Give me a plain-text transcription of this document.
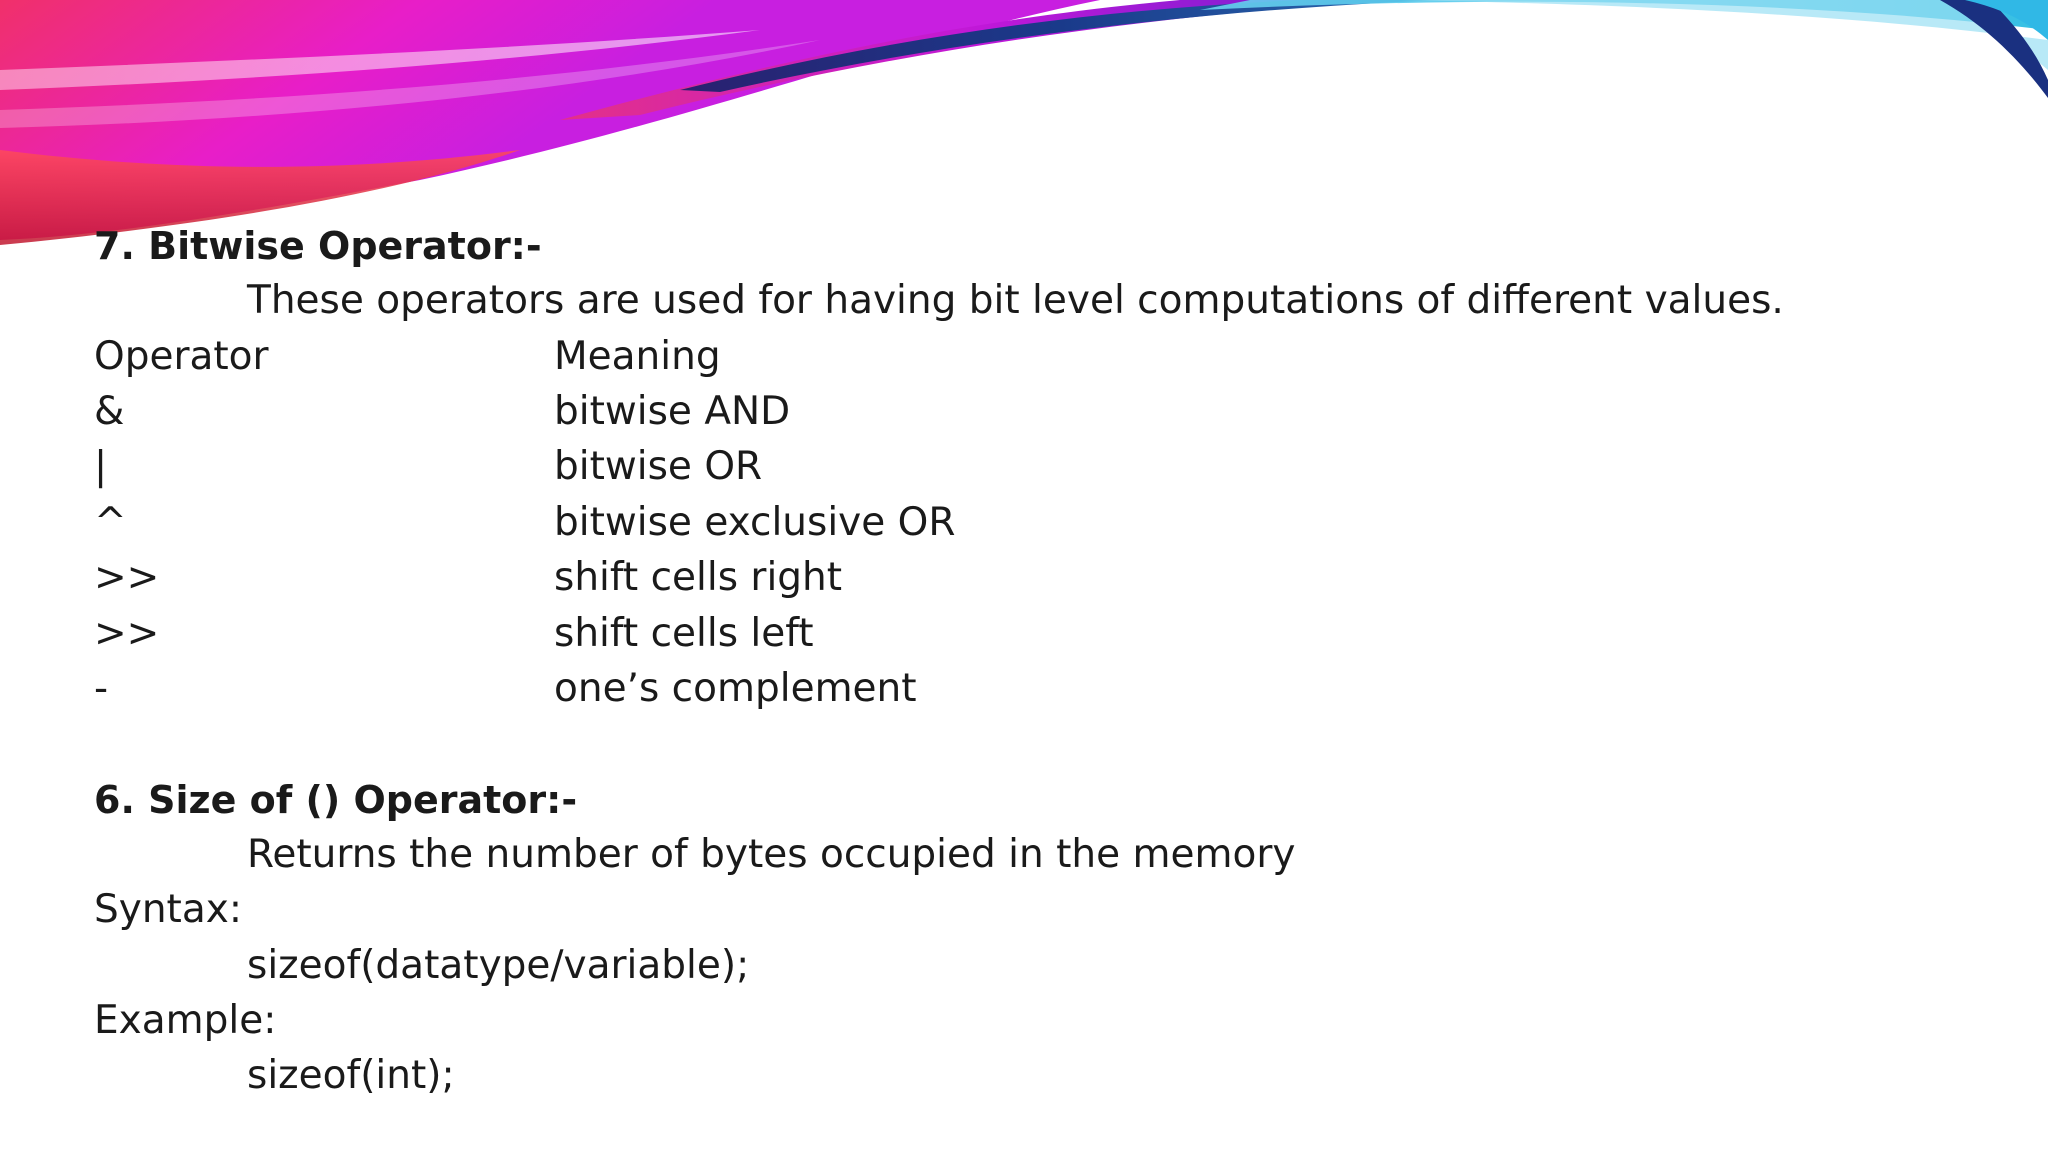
7. Bitwise Operator:-
These operators are used for having bit level computations of different values.
Operator	Meaning
&	bitwise AND
|	bitwise OR
^	bitwise exclusive OR
>>	shift cells right
>>	shift cells left
-	one’s complement
6. Size of () Operator:-
Returns the number of bytes occupied in the memory
Syntax:
sizeof(datatype/variable);
Example:
sizeof(int);
